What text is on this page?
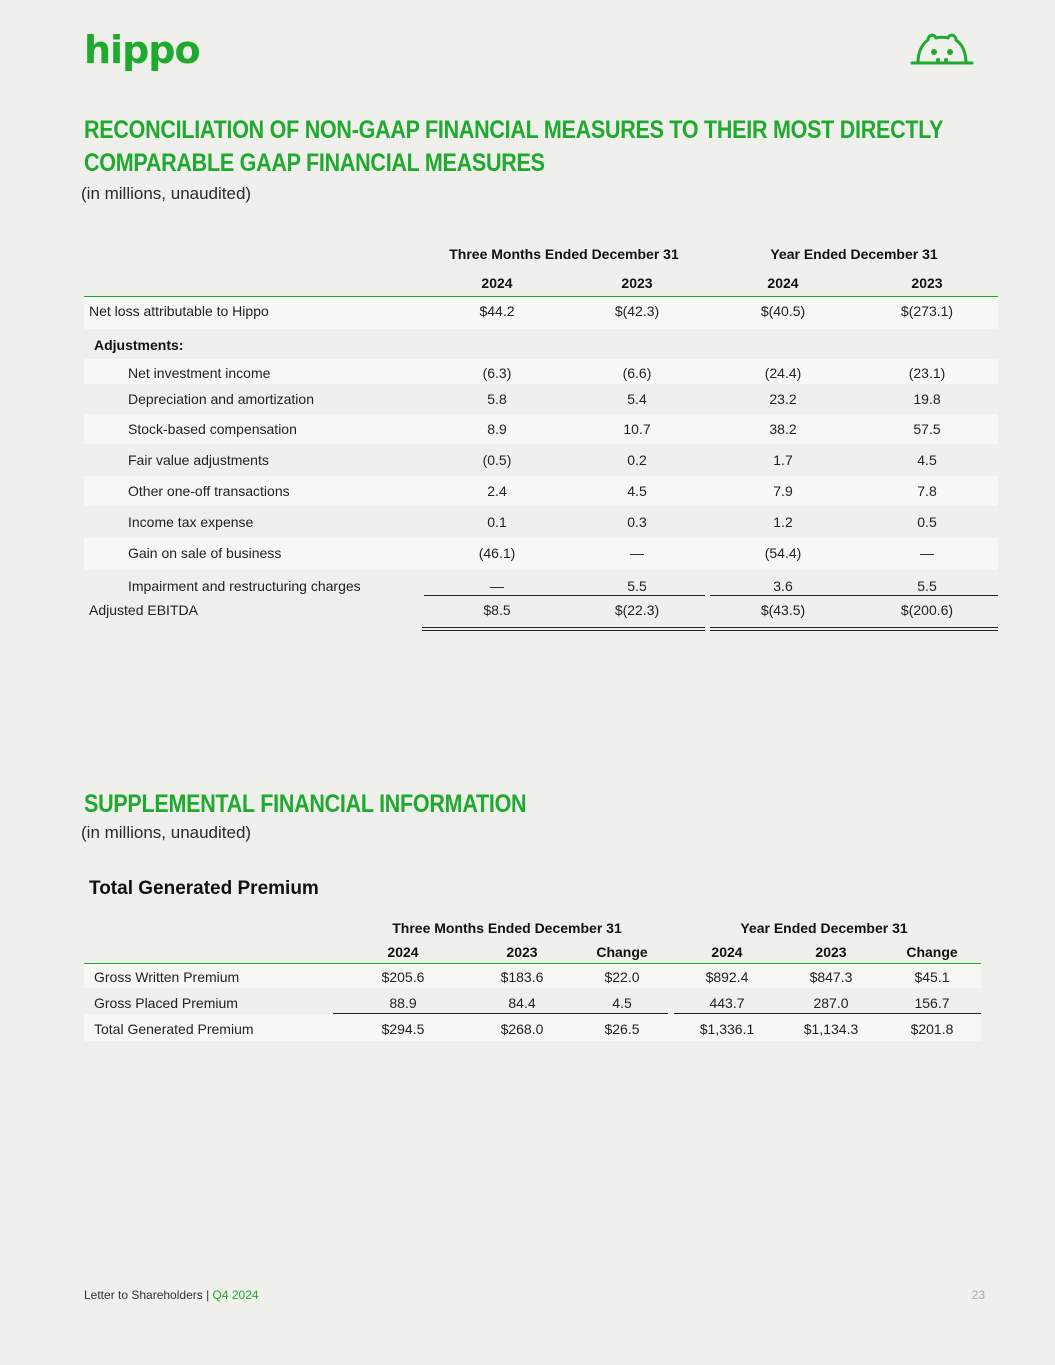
hippo
RECONCILIATION OF NON-GAAP FINANCIAL MEASURES TO THEIR MOST DIRECTLY
COMPARABLE GAAP FINANCIAL MEASURES
(in millions, unaudited)
Three Months Ended December 31	Year Ended December 31
2024	2023	2024	2023
Net loss attributable to Hippo	$44.2	$(42.3)	$(40.5)	$(273.1)
Adjustments:
Net investment income	(6.3)	(6.6)	(24.4)	(23.1)
Depreciation and amortization	5.8	5.4	23.2	19.8
Stock-based compensation	8.9	10.7	38.2	57.5
Fair value adjustments	(0.5)	0.2	1.7	4.5
Other one-off transactions	2.4	4.5	7.9	7.8
Income tax expense	0.1	0.3	1.2	0.5
Gain on sale of business	(46.1)	—	(54.4)	—
Impairment and restructuring charges	—	5.5	3.6	5.5
Adjusted EBITDA	$8.5	$(22.3)	$(43.5)	$(200.6)
SUPPLEMENTAL FINANCIAL INFORMATION
(in millions, unaudited)
Total Generated Premium
Three Months Ended December 31	Year Ended December 31
2024	2023	Change	2024	2023	Change
Gross Written Premium	$205.6	$183.6	$22.0	$892.4	$847.3	$45.1
Gross Placed Premium	88.9	84.4	4.5	443.7	287.0	156.7
Total Generated Premium	$294.5	$268.0	$26.5	$1,336.1	$1,134.3	$201.8
Letter to Shareholders | Q4 2024	23
